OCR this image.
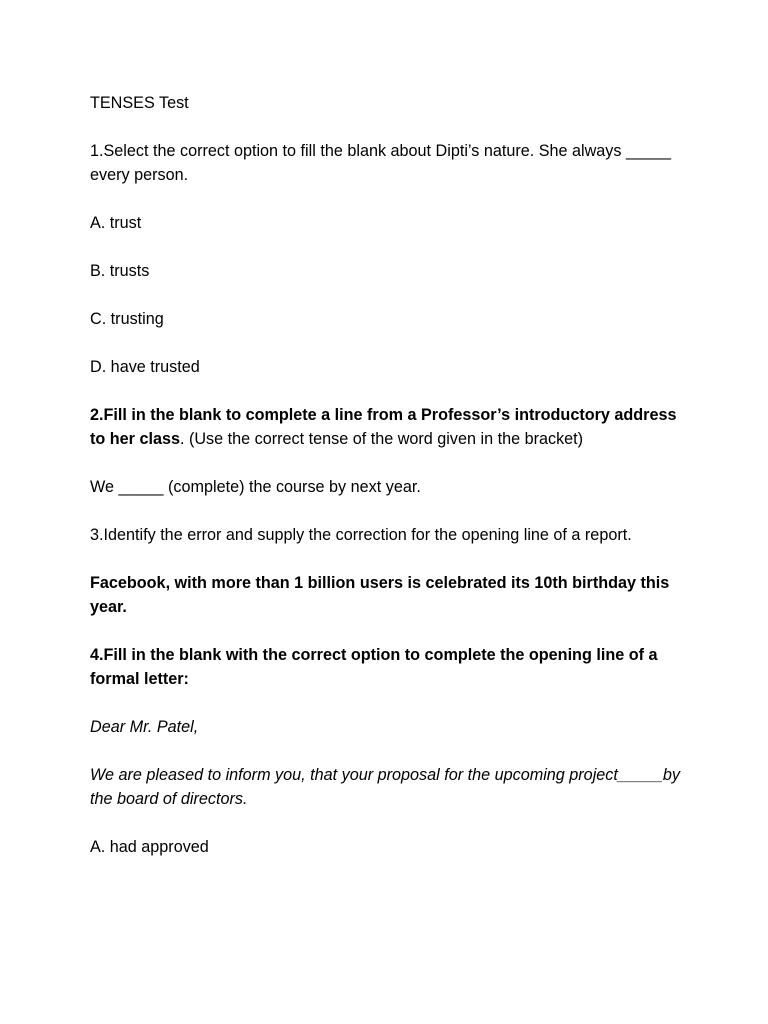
TENSES Test

1.Select the correct option to fill the blank about Dipti’s nature. She always _____ every person.

A. trust

B. trusts

C. trusting

D. have trusted

2.Fill in the blank to complete a line from a Professor’s introductory address to her class. (Use the correct tense of the word given in the bracket)

We _____ (complete) the course by next year.

3.Identify the error and supply the correction for the opening line of a report.

Facebook, with more than 1 billion users is celebrated its 10th birthday this year.

4.Fill in the blank with the correct option to complete the opening line of a formal letter:

Dear Mr. Patel,

We are pleased to inform you, that your proposal for the upcoming project_____by the board of directors.

A. had approved
